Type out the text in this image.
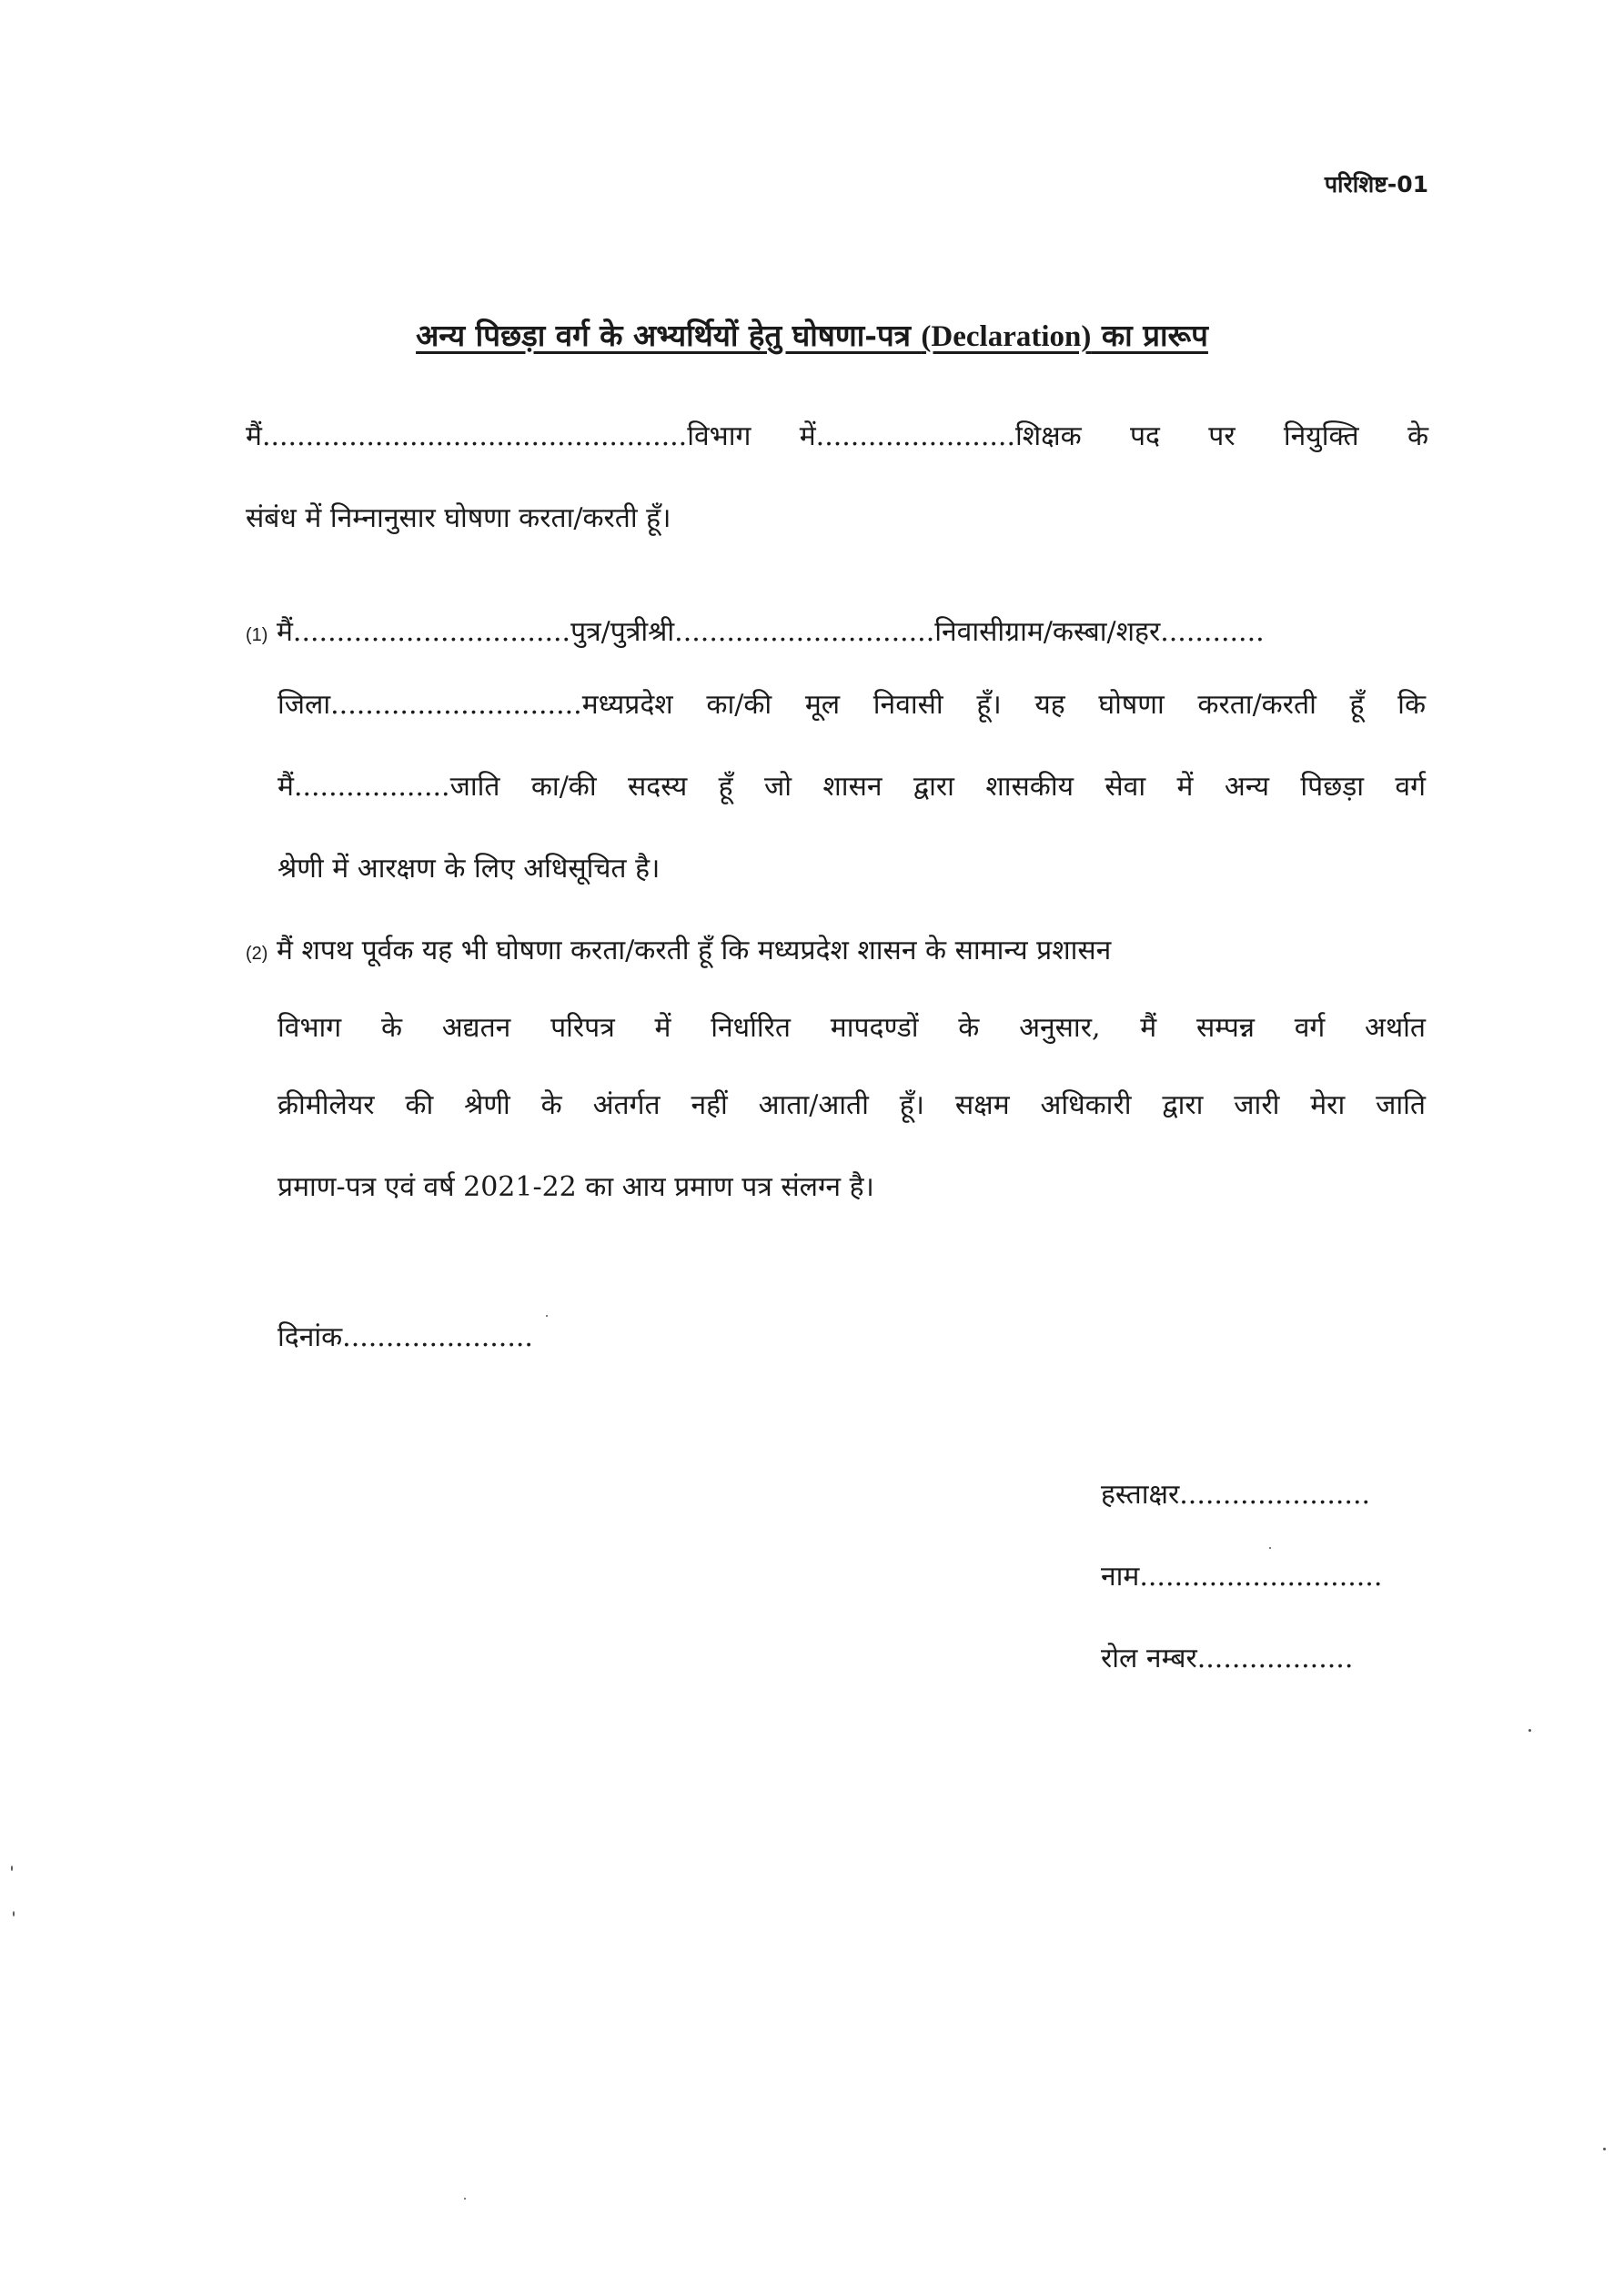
परिशिष्ट-01
अन्य पिछड़ा वर्ग के अभ्यर्थियों हेतु घोषणा-पत्र (Declaration) का प्रारूप
मैं.................................................विभाग में.......................शिक्षक पद पर नियुक्ति के
संबंध में निम्नानुसार घोषणा करता/करती हूँ।
(1) मैं................................पुत्र/पुत्रीश्री..............................निवासीग्राम/कस्बा/शहर............
जिला.............................मध्यप्रदेश का/की मूल निवासी हूँ। यह घोषणा करता/करती हूँ कि
मैं..................जाति का/की सदस्य हूँ जो शासन द्वारा शासकीय सेवा में अन्य पिछड़ा वर्ग
श्रेणी में आरक्षण के लिए अधिसूचित है।
(2) मैं शपथ पूर्वक यह भी घोषणा करता/करती हूँ कि मध्यप्रदेश शासन के सामान्य प्रशासन
विभाग के अद्यतन परिपत्र में निर्धारित मापदण्डों के अनुसार, मैं सम्पन्न वर्ग अर्थात
क्रीमीलेयर की श्रेणी के अंतर्गत नहीं आता/आती हूँ। सक्षम अधिकारी द्वारा जारी मेरा जाति
प्रमाण-पत्र एवं वर्ष 2021-22 का आय प्रमाण पत्र संलग्न है।
दिनांक......................
हस्ताक्षर......................
नाम............................
रोल नम्बर..................
